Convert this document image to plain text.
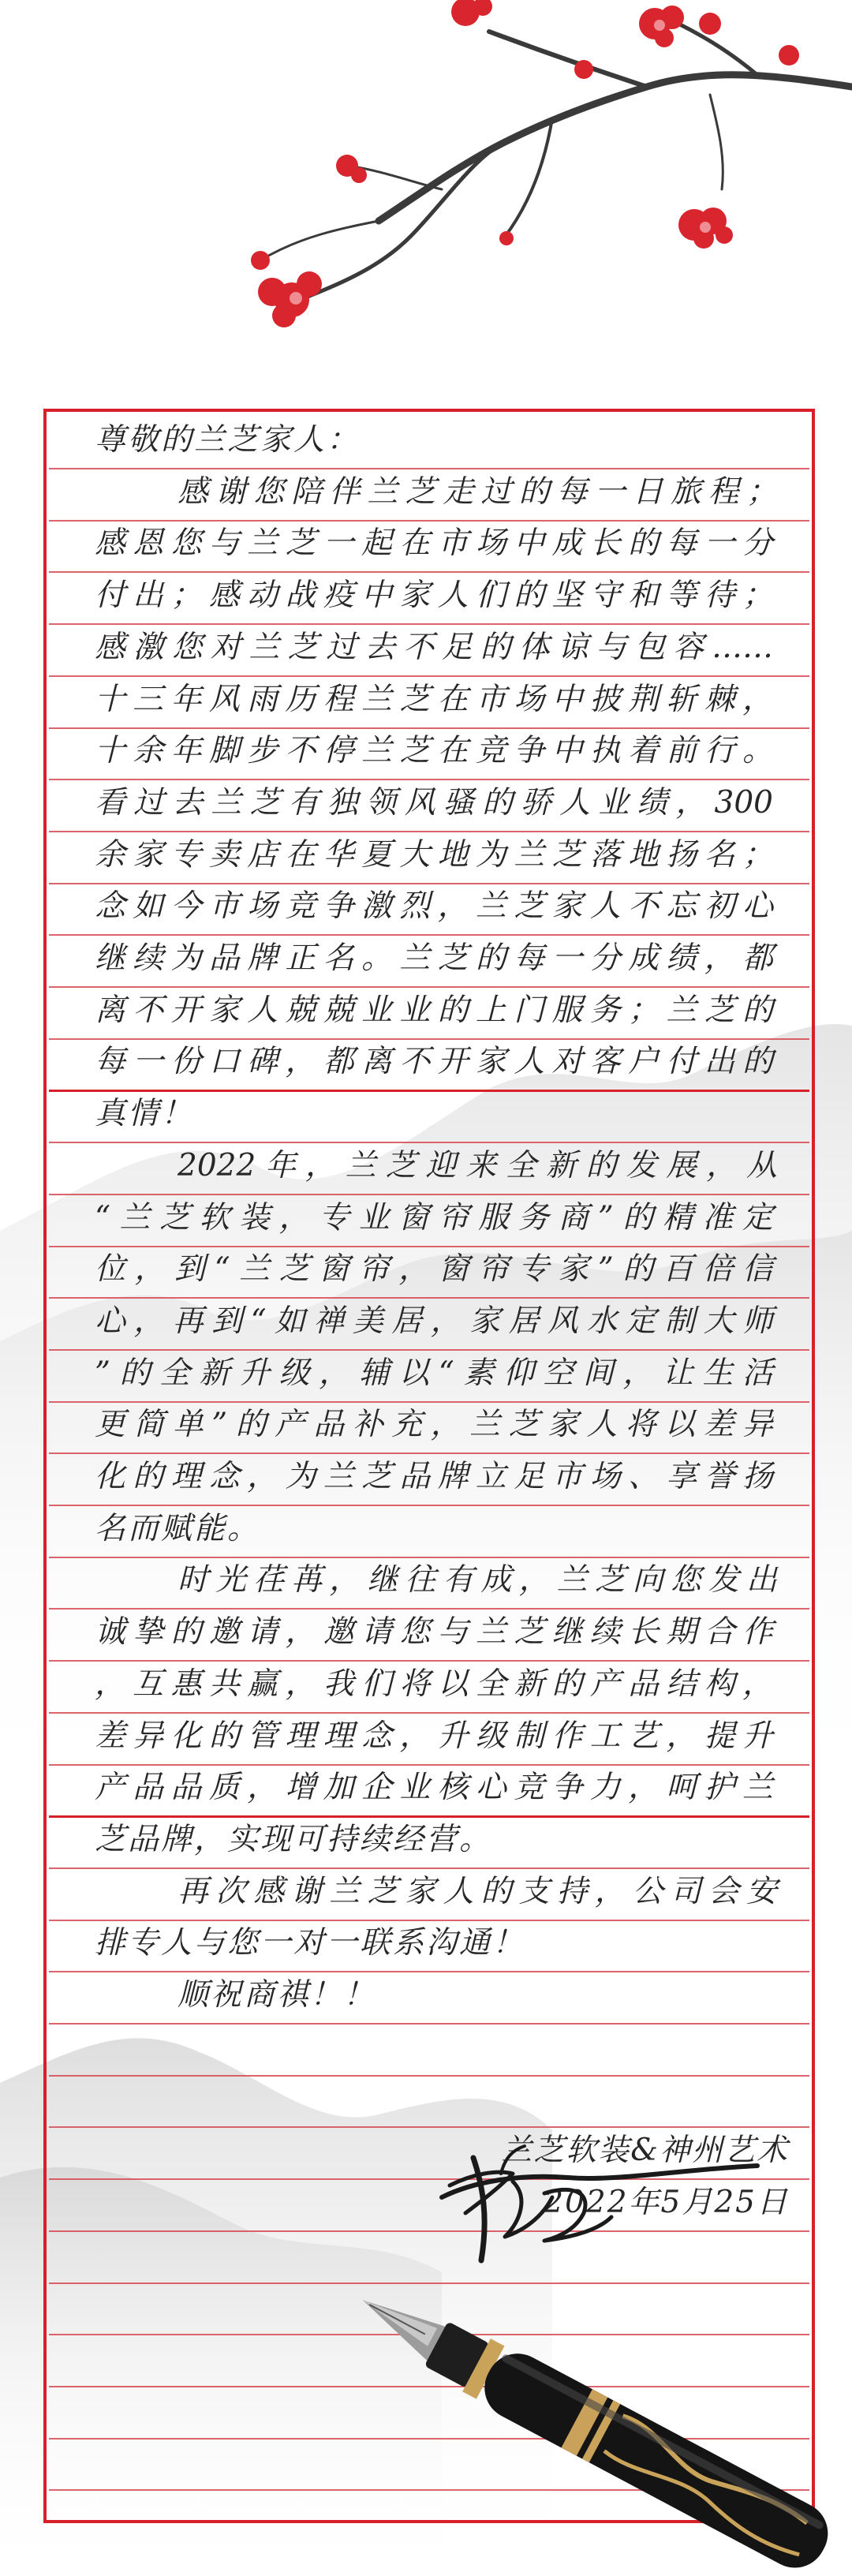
尊敬的兰芝家人：
感谢您陪伴兰芝走过的每一日旅程；
感恩您与兰芝一起在市场中成长的每一分
付出；感动战疫中家人们的坚守和等待；
感激您对兰芝过去不足的体谅与包容……
十三年风雨历程兰芝在市场中披荆斩棘，
十余年脚步不停兰芝在竞争中执着前行。
看过去兰芝有独领风骚的骄人业绩，300
余家专卖店在华夏大地为兰芝落地扬名；
念如今市场竞争激烈，兰芝家人不忘初心
继续为品牌正名。兰芝的每一分成绩，都
离不开家人兢兢业业的上门服务；兰芝的
每一份口碑，都离不开家人对客户付出的
真情！
2022年，兰芝迎来全新的发展，从
“兰芝软装，专业窗帘服务商”的精准定
位，到“兰芝窗帘，窗帘专家”的百倍信
心，再到“如禅美居，家居风水定制大师
”的全新升级，辅以“素仰空间，让生活
更简单”的产品补充，兰芝家人将以差异
化的理念，为兰芝品牌立足市场、享誉扬
名而赋能。
时光荏苒，继往有成，兰芝向您发出
诚挚的邀请，邀请您与兰芝继续长期合作
，互惠共赢，我们将以全新的产品结构，
差异化的管理理念，升级制作工艺，提升
产品品质，增加企业核心竞争力，呵护兰
芝品牌，实现可持续经营。
再次感谢兰芝家人的支持，公司会安
排专人与您一对一联系沟通！
顺祝商祺！！
兰芝软装&神州艺术
2022年5月25日
